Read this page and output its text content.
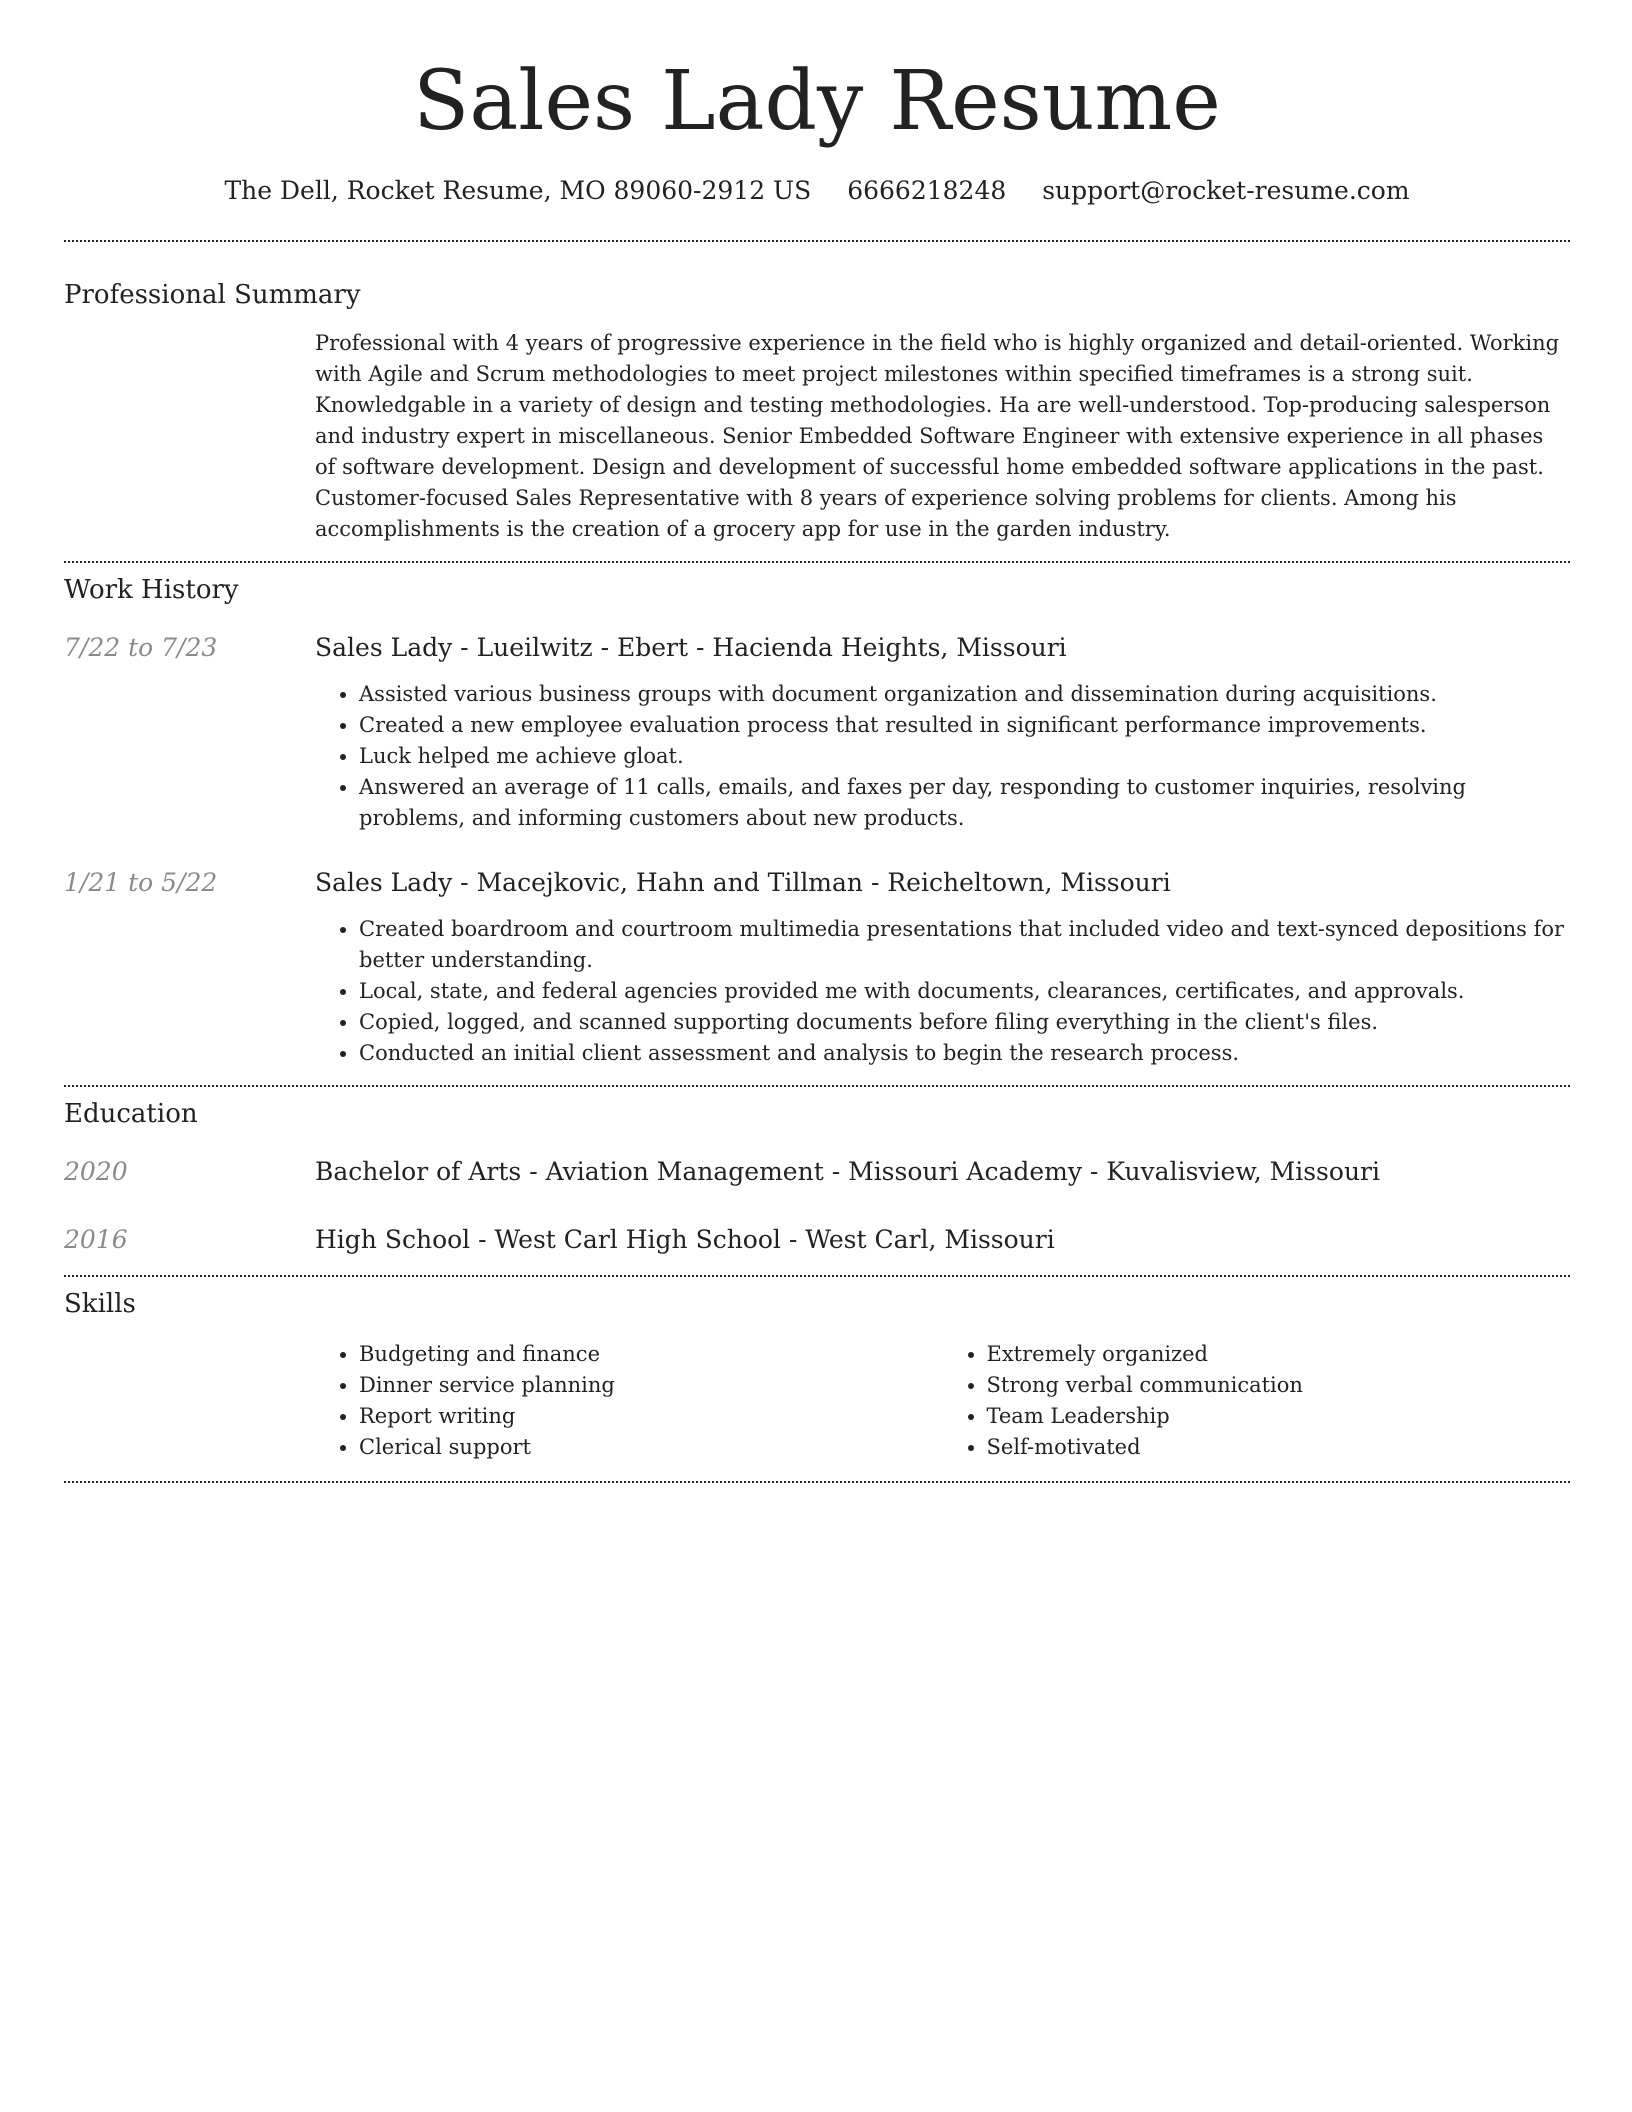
Sales Lady Resume
The Dell, Rocket Resume, MO 89060-2912 US 6666218248 support@rocket-resume.com
Professional Summary

Professional with 4 years of progressive experience in the field who is highly organized and detail-oriented. Working with Agile and Scrum methodologies to meet project milestones within specified timeframes is a strong suit. Knowledgable in a variety of design and testing methodologies. Ha are well-understood. Top-producing salesperson and industry expert in miscellaneous. Senior Embedded Software Engineer with extensive experience in all phases of software development. Design and development of successful home embedded software applications in the past. Customer-focused Sales Representative with 8 years of experience solving problems for clients. Among his accomplishments is the creation of a grocery app for use in the garden industry.

Work History
7/22 to 7/23	Sales Lady - Lueilwitz - Ebert - Hacienda Heights, Missouri
• Assisted various business groups with document organization and dissemination during acquisitions.
• Created a new employee evaluation process that resulted in significant performance improvements.
• Luck helped me achieve gloat.
• Answered an average of 11 calls, emails, and faxes per day, responding to customer inquiries, resolving problems, and informing customers about new products.
1/21 to 5/22	Sales Lady - Macejkovic, Hahn and Tillman - Reicheltown, Missouri
• Created boardroom and courtroom multimedia presentations that included video and text-synced depositions for better understanding.
• Local, state, and federal agencies provided me with documents, clearances, certificates, and approvals.
• Copied, logged, and scanned supporting documents before filing everything in the client's files.
• Conducted an initial client assessment and analysis to begin the research process.
Education
2020	Bachelor of Arts - Aviation Management - Missouri Academy - Kuvalisview, Missouri
2016	High School - West Carl High School - West Carl, Missouri
Skills
• Budgeting and finance
• Dinner service planning
• Report writing
• Clerical support
• Extremely organized
• Strong verbal communication
• Team Leadership
• Self-motivated
